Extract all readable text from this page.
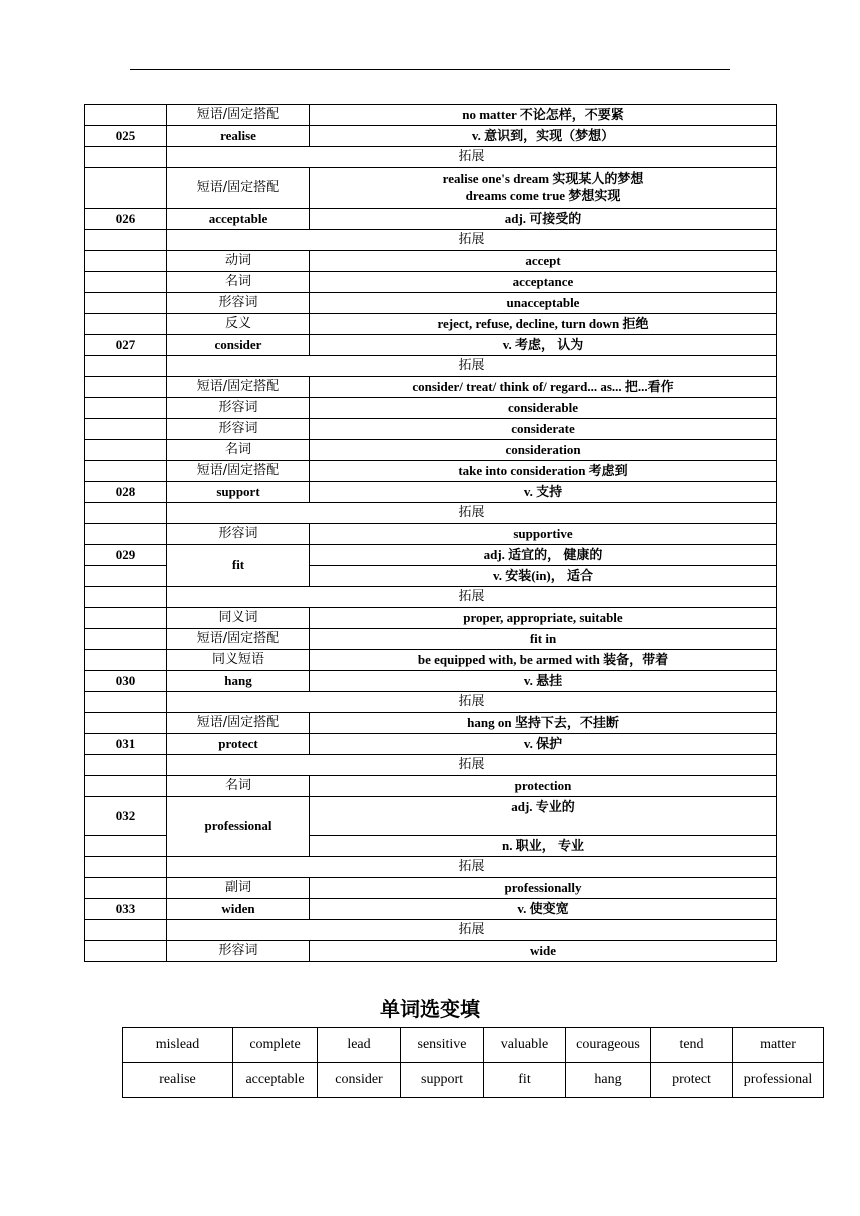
	短语/固定搭配	no matter 不论怎样，不要紧
025	realise	v. 意识到，实现（梦想）
	拓展	
	短语/固定搭配	realise one's dream 实现某人的梦想
dreams come true 梦想实现

026	acceptable	adj. 可接受的
	拓展	
	动词	accept
	名词	acceptance
	形容词	unacceptable
	反义	reject, refuse, decline, turn down 拒绝
027	consider	v. 考虑， 认为
	拓展	
	短语/固定搭配	consider/ treat/ think of/ regard... as... 把...看作
	形容词	considerable
	形容词	considerate
	名词	consideration
	短语/固定搭配	take into consideration 考虑到
028	support	v. 支持
	拓展	
	形容词	supportive
029	fit	adj. 适宜的， 健康的
		v. 安装(in)， 适合
	拓展	
	同义词	proper, appropriate, suitable
	短语/固定搭配	fit in
	同义短语	be equipped with, be armed with 装备，带着
030	hang	v. 悬挂
	拓展	
	短语/固定搭配	hang on 坚持下去，不挂断
031	protect	v. 保护
	拓展	
	名词	protection
032	professional	adj. 专业的

		n. 职业， 专业
	拓展	
	副词	professionally
033	widen	v. 使变宽
	拓展	
	形容词	wide
单词选变填
mislead	complete	lead	sensitive	valuable	courageous	tend	matter
realise	acceptable	consider	support	fit	hang	protect	professional
